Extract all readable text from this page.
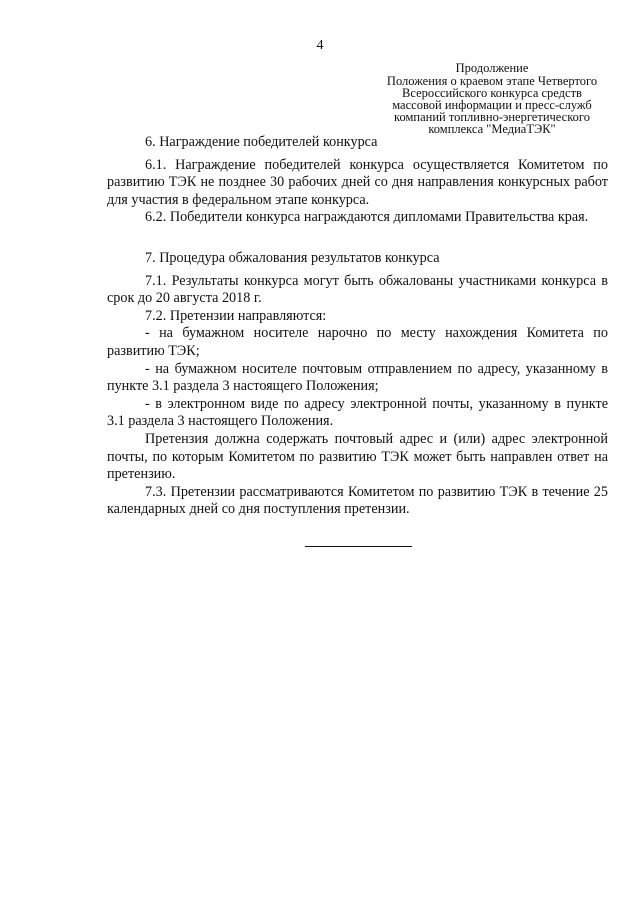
4
Продолжение
Положения о краевом этапе Четвертого
Всероссийского конкурса средств
массовой информации и пресс-служб
компаний топливно-энергетического
комплекса "МедиаТЭК"

6. Награждение победителей конкурса

6.1. Награждение победителей конкурса осуществляется Комитетом по развитию ТЭК не позднее 30 рабочих дней со дня направления конкурсных работ для участия в федеральном этапе конкурса.

6.2. Победители конкурса награждаются дипломами Правительства края.

7. Процедура обжалования результатов конкурса

7.1. Результаты конкурса могут быть обжалованы участниками конкурса в срок до 20 августа 2018 г.

7.2. Претензии направляются:

- на бумажном носителе нарочно по месту нахождения Комитета по развитию ТЭК;

- на бумажном носителе почтовым отправлением по адресу, указанному в пункте 3.1 раздела 3 настоящего Положения;

- в электронном виде по адресу электронной почты, указанному в пункте 3.1 раздела 3 настоящего Положения.

Претензия должна содержать почтовый адрес и (или) адрес электронной почты, по которым Комитетом по развитию ТЭК может быть направлен ответ на претензию.

7.3. Претензии рассматриваются Комитетом по развитию ТЭК в течение 25 календарных дней со дня поступления претензии.
